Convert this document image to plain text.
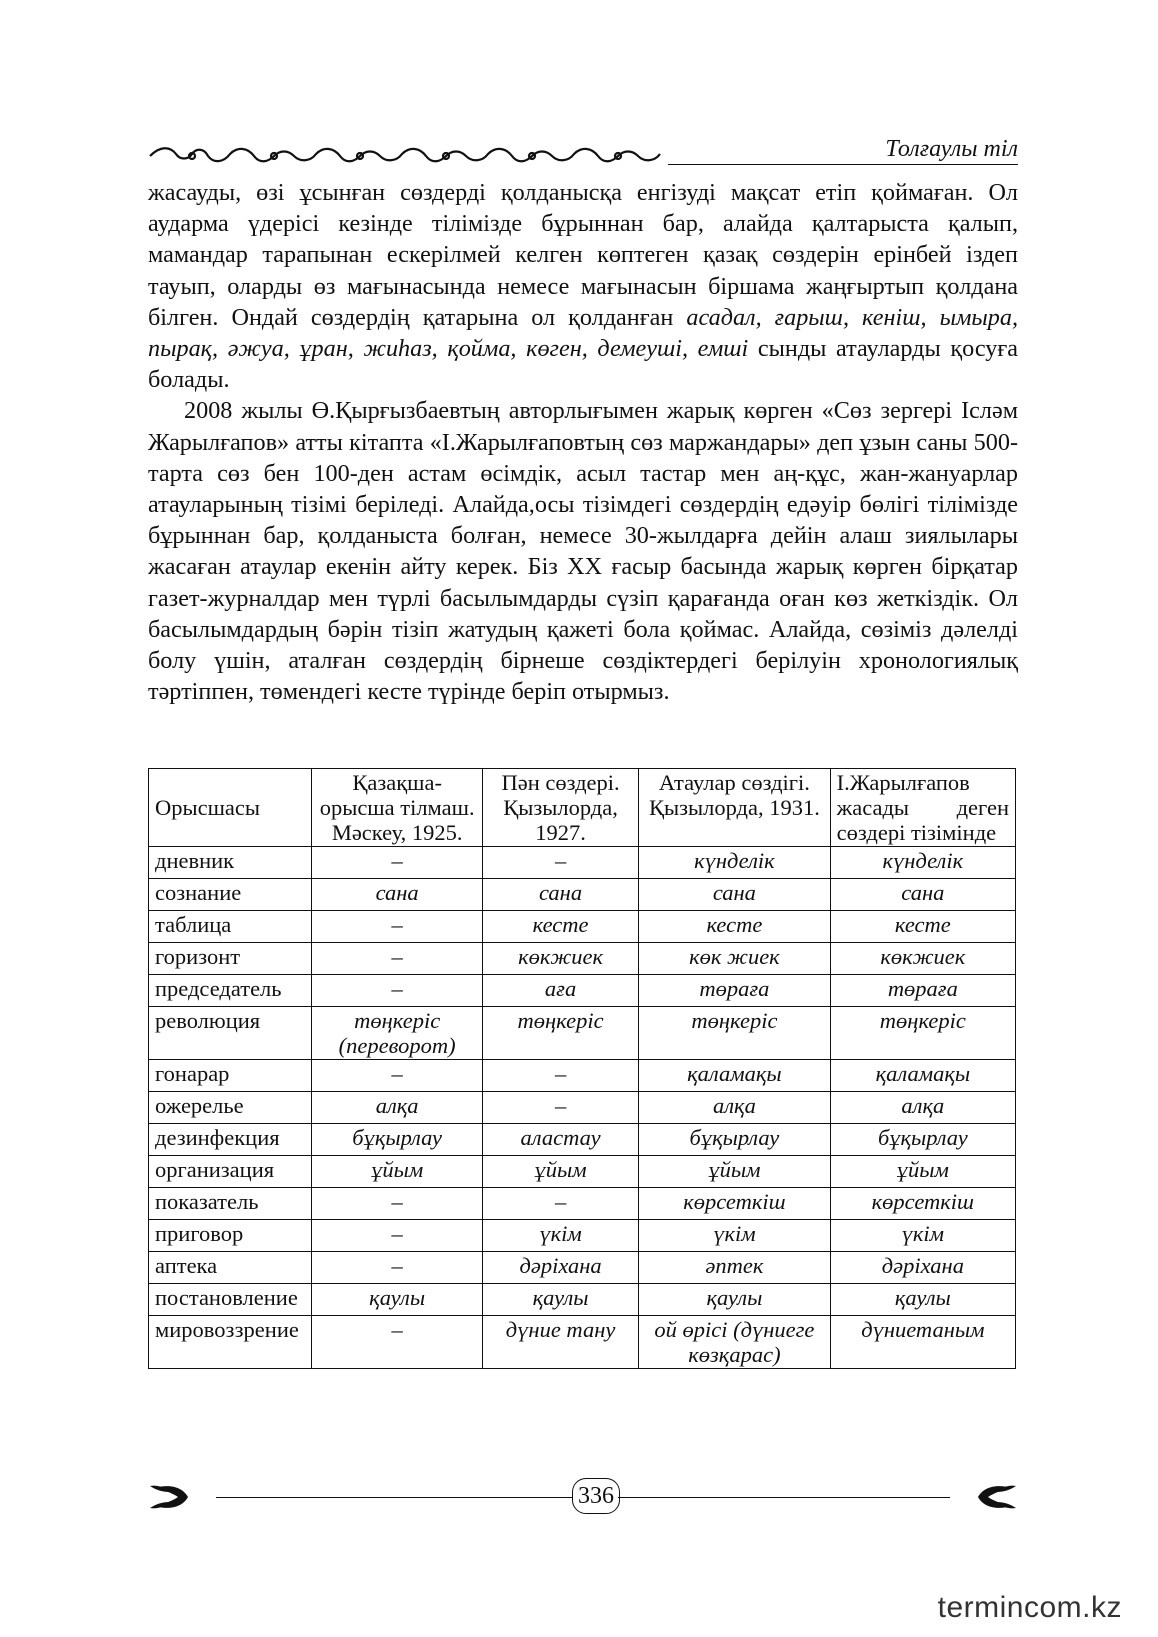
Толғаулы тіл

жасауды, өзі ұсынған сөздерді қолданысқа енгізуді мақсат етіп қоймаған. Ол аударма үдерісі кезінде тілімізде бұрыннан бар, алайда қалтарыста қалып, мамандар тарапынан ескерілмей келген көптеген қазақ сөздерін ерінбей іздеп тауып, оларды өз мағынасында немесе мағынасын біршама жаңғыртып қолдана білген. Ондай сөздердің қатарына ол қолданған асадал, ғарыш, кеніш, ымыра, пырақ, әжуа, ұран, жиһаз, қойма, көген, демеуші, емші сынды атауларды қосуға болады.

2008 жылы Ө.Қырғызбаевтың авторлығымен жарық көрген «Сөз зергері Ісләм Жарылғапов» атты кітапта «І.Жарылғаповтың сөз маржандары» деп ұзын саны 500-тарта сөз бен 100-ден астам өсімдік, асыл тастар мен аң-құс, жан-жануарлар атауларының тізімі беріледі. Алайда,осы тізімдегі сөздердің едәуір бөлігі тілімізде бұрыннан бар, қолданыста болған, немесе 30-жылдарға дейін алаш зиялылары жасаған атаулар екенін айту керек. Біз ХХ ғасыр басында жарық көрген бірқатар газет-журналдар мен түрлі басылымдарды сүзіп қарағанда оған көз жеткіздік. Ол басылымдардың бәрін тізіп жатудың қажеті бола қоймас. Алайда, сөзіміз дәлелді болу үшін, аталған сөздердің бірнеше сөздіктердегі берілуін хронологиялық тәртіппен, төмендегі кесте түрінде беріп отырмыз.

Орысшасы	Қазақша-орысша тілмаш. Мәскеу, 1925.	Пән сөздері. Қызылорда, 1927.	Атаулар сөздігі. Қызылорда, 1931.	І.Жарылғапов жасады деген сөздері тізімінде
дневник	–	–	күнделік	күнделік
сознание	сана	сана	сана	сана
таблица	–	кесте	кесте	кесте
горизонт	–	көкжиек	көк жиек	көкжиек
председатель	–	аға	төраға	төраға
революция	төңкеріс (переворот)	төңкеріс	төңкеріс	төңкеріс
гонарар	–	–	қаламақы	қаламақы
ожерелье	алқа	–	алқа	алқа
дезинфекция	бұқырлау	аластау	бұқырлау	бұқырлау
организация	ұйым	ұйым	ұйым	ұйым
показатель	–	–	көрсеткіш	көрсеткіш
приговор	–	үкім	үкім	үкім
аптека	–	дәріхана	әптек	дәріхана
постановление	қаулы	қаулы	қаулы	қаулы
мировоззрение	–	дүние тану	ой өрісі (дүниеге көзқарас)	дүниетаным
336
termincom.kz
